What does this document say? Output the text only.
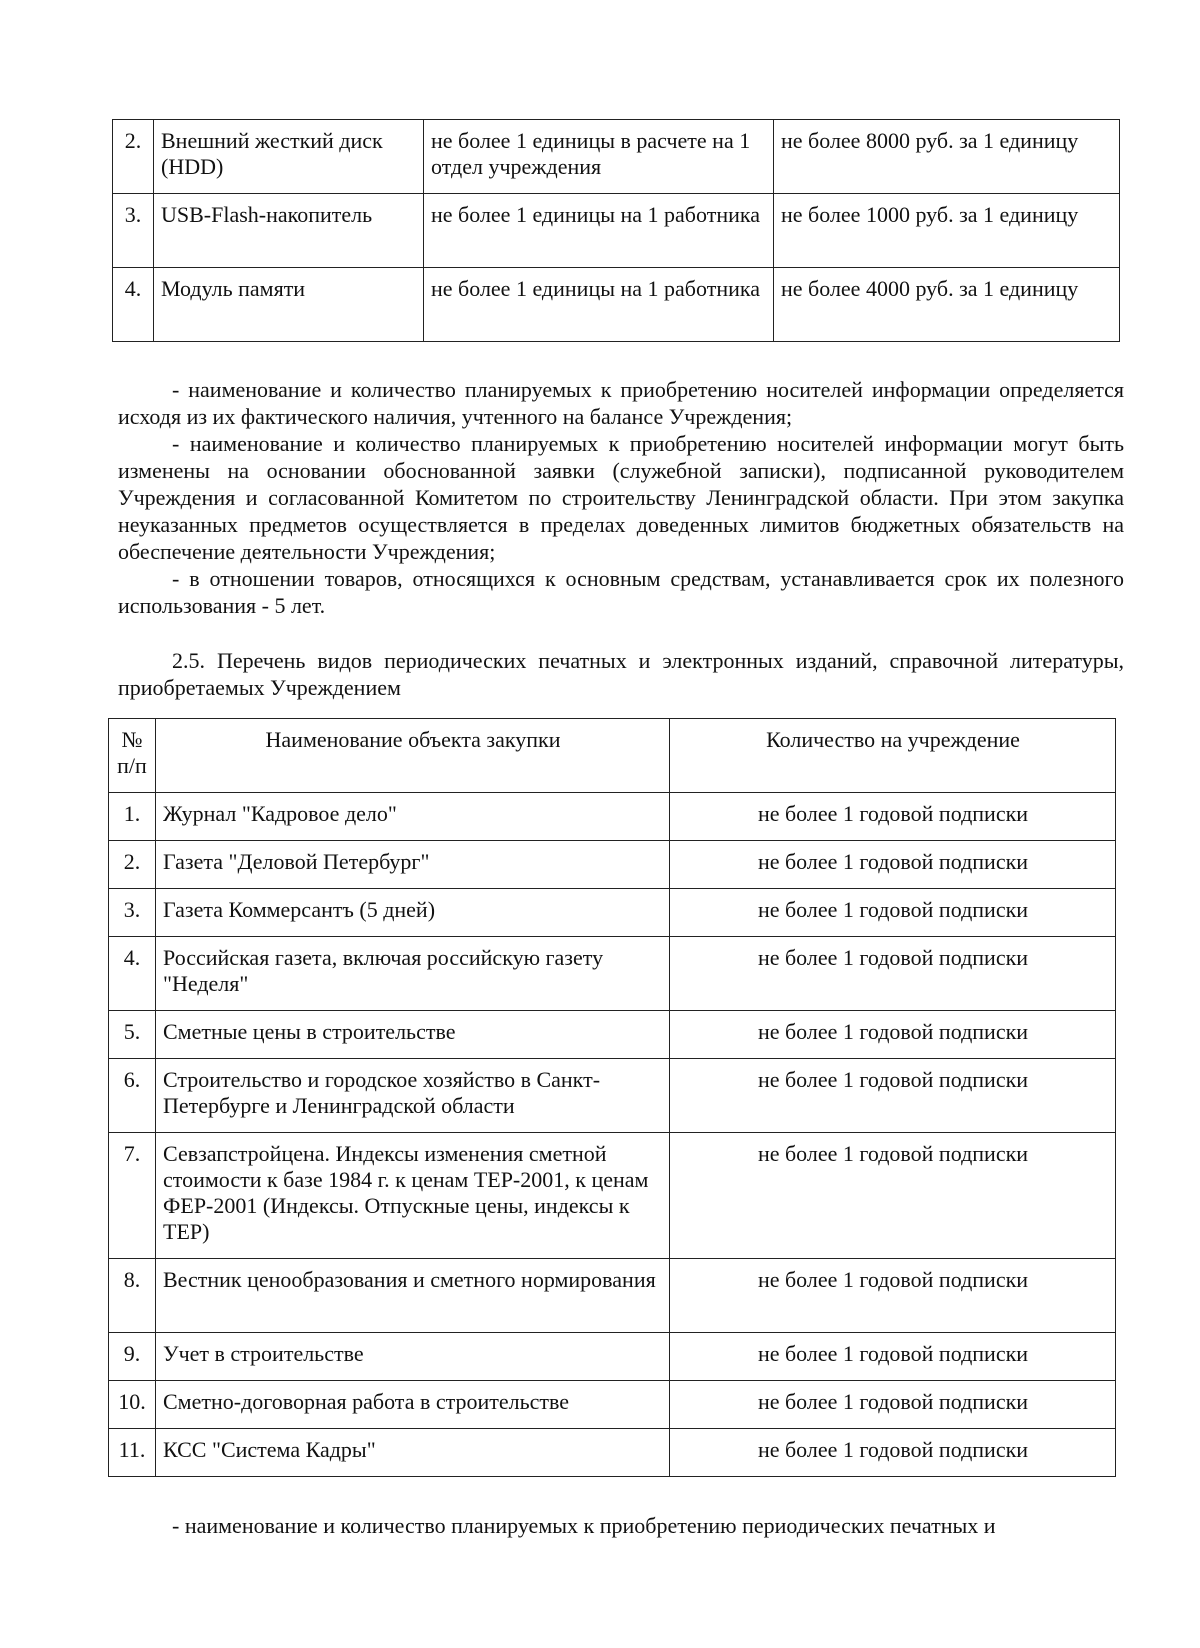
2.	Внешний жесткий диск (HDD)	не более 1 единицы в расчете на 1 отдел учреждения	не более 8000 руб. за 1 единицу
3.	USB-Flash-накопитель	не более 1 единицы на 1 работника	не более 1000 руб. за 1 единицу
4.	Модуль памяти	не более 1 единицы на 1 работника	не более 4000 руб. за 1 единицу

- наименование и количество планируемых к приобретению носителей информации определяется исходя из их фактического наличия, учтенного на балансе Учреждения;

- наименование и количество планируемых к приобретению носителей информации могут быть изменены на основании обоснованной заявки (служебной записки), подписанной руководителем Учреждения и согласованной Комитетом по строительству Ленинградской области. При этом закупка неуказанных предметов осуществляется в пределах доведенных лимитов бюджетных обязательств на обеспечение деятельности Учреждения;

- в отношении товаров, относящихся к основным средствам, устанавливается срок их полезного использования - 5 лет.

2.5. Перечень видов периодических печатных и электронных изданий, справочной литературы, приобретаемых Учреждением

№ п/п	Наименование объекта закупки	Количество на учреждение
1.	Журнал "Кадровое дело"	не более 1 годовой подписки
2.	Газета "Деловой Петербург"	не более 1 годовой подписки
3.	Газета Коммерсантъ (5 дней)	не более 1 годовой подписки
4.	Российская газета, включая российскую газету "Неделя"	не более 1 годовой подписки
5.	Сметные цены в строительстве	не более 1 годовой подписки
6.	Строительство и городское хозяйство в Санкт-Петербурге и Ленинградской области	не более 1 годовой подписки
7.	Севзапстройцена. Индексы изменения сметной стоимости к базе 1984 г. к ценам ТЕР-2001, к ценам ФЕР-2001 (Индексы. Отпускные цены, индексы к ТЕР)	не более 1 годовой подписки
8.	Вестник ценообразования и сметного нормирования	не более 1 годовой подписки
9.	Учет в строительстве	не более 1 годовой подписки
10.	Сметно-договорная работа в строительстве	не более 1 годовой подписки
11.	КСС "Система Кадры"	не более 1 годовой подписки

- наименование и количество планируемых к приобретению периодических печатных и
